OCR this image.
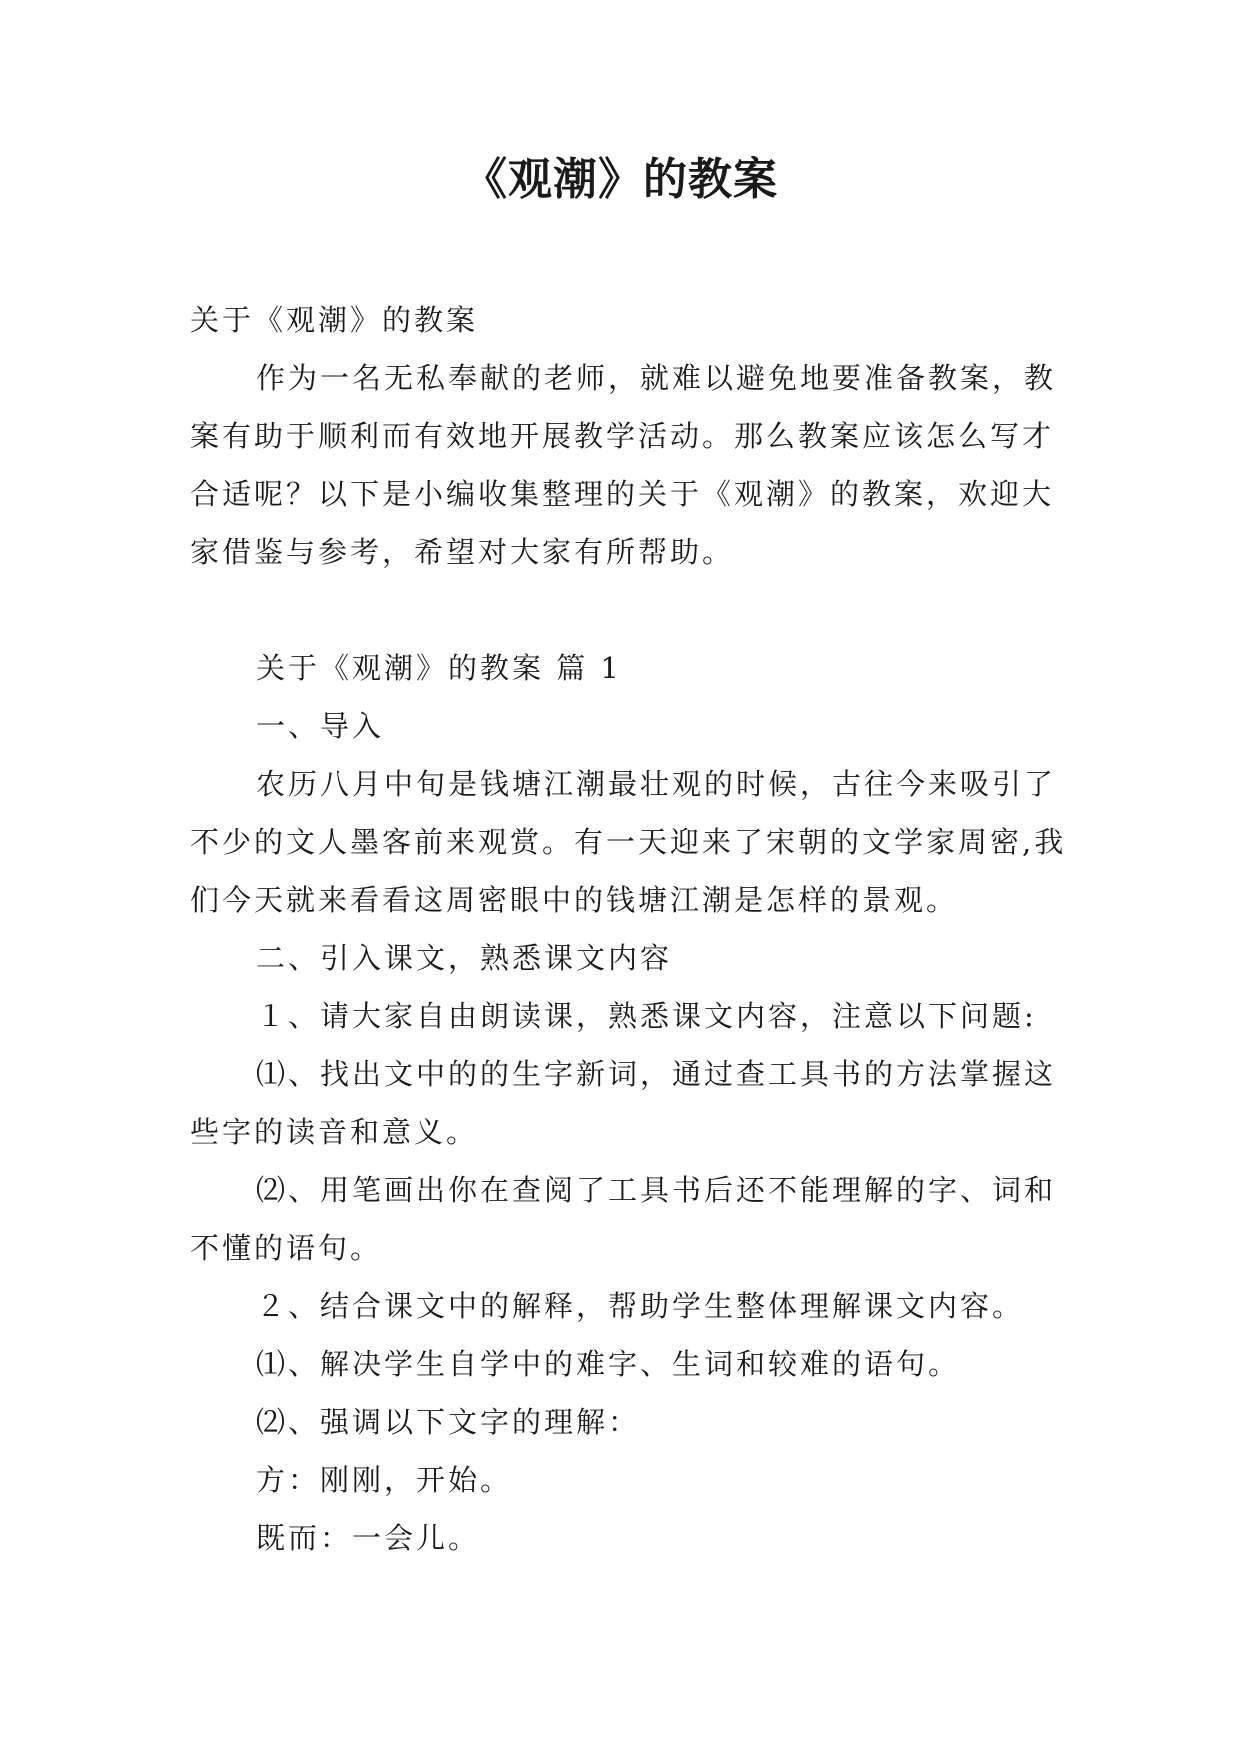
《观潮》的教案

关于《观潮》的教案

作为一名无私奉献的老师，就难以避免地要准备教案，教案有助于顺利而有效地开展教学活动。那么教案应该怎么写才合适呢？以下是小编收集整理的关于《观潮》的教案，欢迎大家借鉴与参考，希望对大家有所帮助。

关于《观潮》的教案 篇 1

一、导入

农历八月中旬是钱塘江潮最壮观的时候，古往今来吸引了不少的文人墨客前来观赏。有一天迎来了宋朝的文学家周密,我们今天就来看看这周密眼中的钱塘江潮是怎样的景观。

二、引入课文，熟悉课文内容

１、请大家自由朗读课，熟悉课文内容，注意以下问题:

⑴、找出文中的的生字新词，通过查工具书的方法掌握这些字的读音和意义。

⑵、用笔画出你在查阅了工具书后还不能理解的字、词和不懂的语句。

２、结合课文中的解释，帮助学生整体理解课文内容。

⑴、解决学生自学中的难字、生词和较难的语句。

⑵、强调以下文字的理解：

方：刚刚，开始。

既而：一会儿。
